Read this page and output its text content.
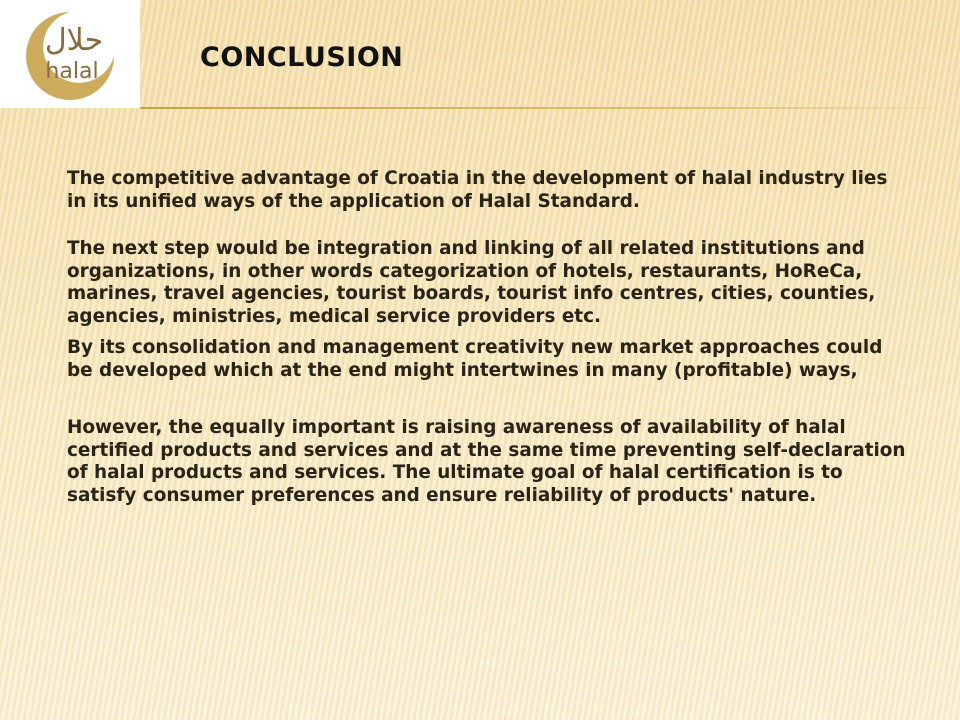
حلال
halal	CONCLUSION

The competitive advantage of Croatia in the development of halal industry lies in its unified ways of the application of Halal Standard.

The next step would be integration and linking of all related institutions and organizations, in other words categorization of hotels, restaurants, HoReCa, marines, travel agencies, tourist boards, tourist info centres, cities, counties, agencies, ministries, medical service providers etc.

By its consolidation and management creativity new market approaches could be developed which at the end might intertwines in many (profitable) ways,

However, the equally important is raising awareness of availability of halal certified products and services and at the same time preventing self-declaration of halal products and services. The ultimate goal of halal certification is to satisfy consumer preferences and ensure reliability of products' nature.
